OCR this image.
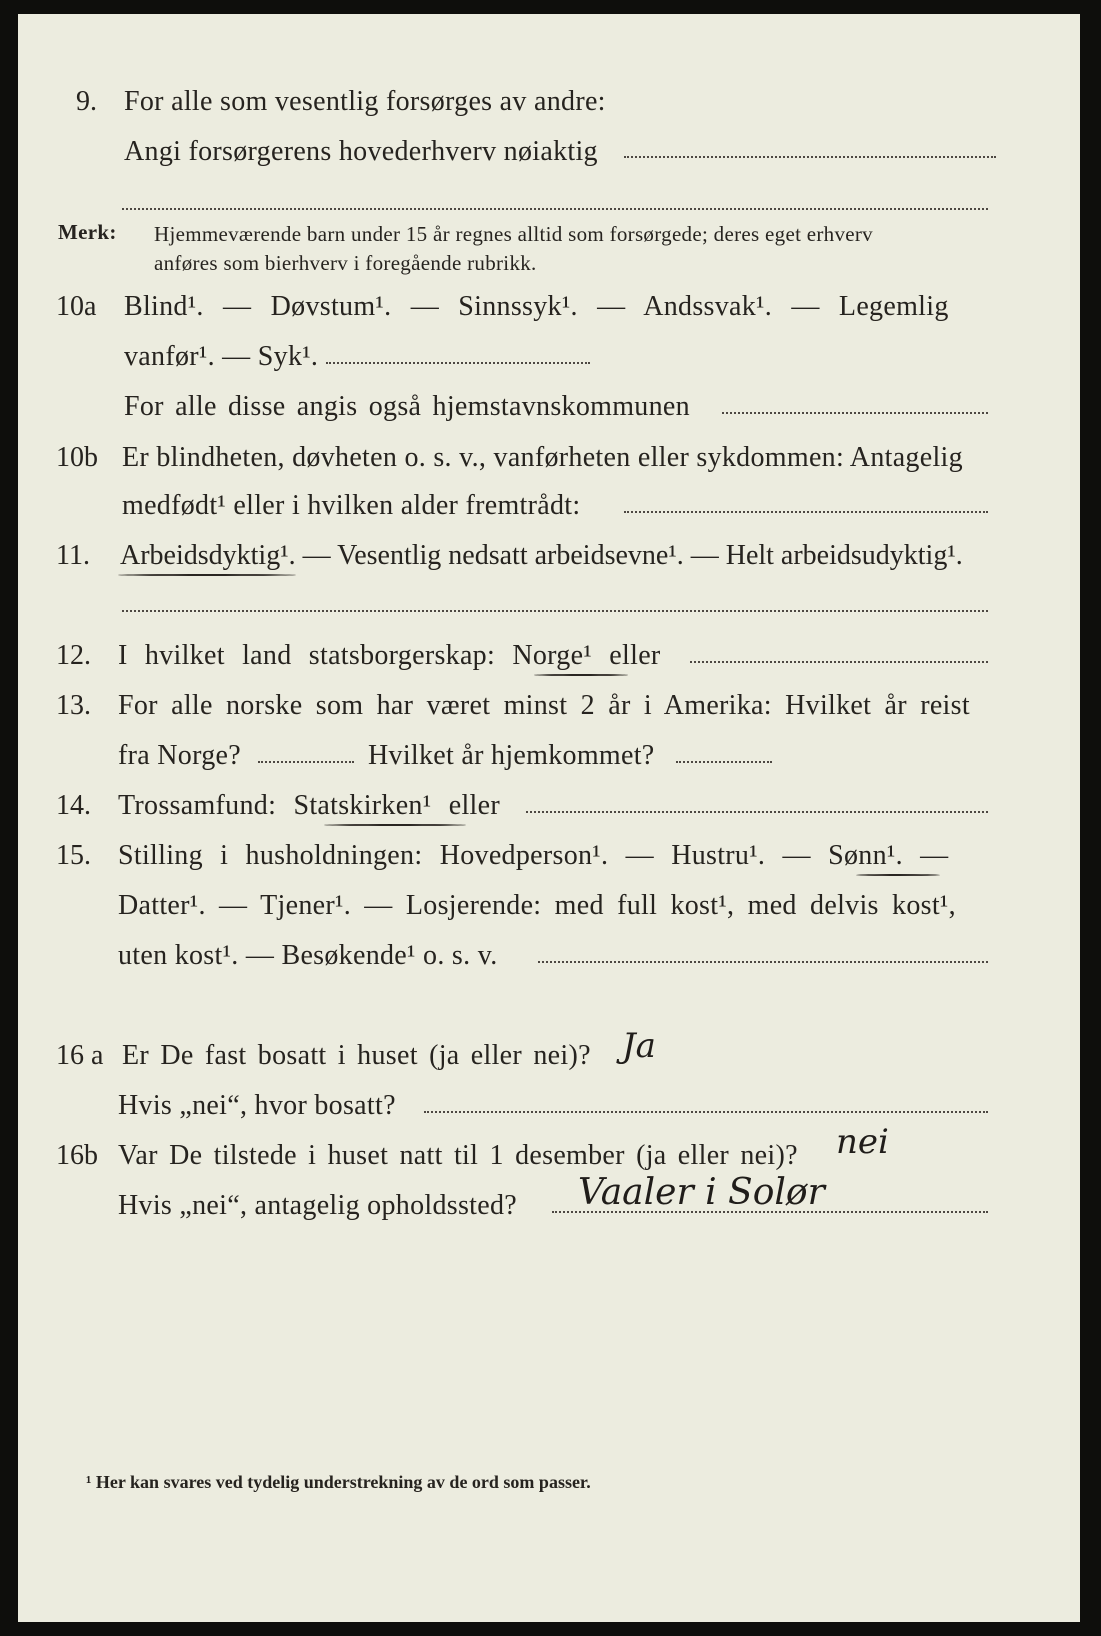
9. For alle som vesentlig forsørges av andre:
Angi forsørgerens hovederhverv nøiaktig
Merk: Hjemmeværende barn under 15 år regnes alltid som forsørgede; deres eget erhverv
anføres som bierhverv i foregående rubrikk.
10a Blind¹. — Døvstum¹. — Sinnssyk¹. — Andssvak¹. — Legemlig
vanfør¹. — Syk¹.
For alle disse angis også hjemstavnskommunen
10b Er blindheten, døvheten o. s. v., vanførheten eller sykdommen: Antagelig
medfødt¹ eller i hvilken alder fremtrådt:
11. Arbeidsdyktig¹. — Vesentlig nedsatt arbeidsevne¹. — Helt arbeidsudyktig¹.
12. I hvilket land statsborgerskap: Norge¹ eller
13. For alle norske som har været minst 2 år i Amerika: Hvilket år reist
fra Norge?	Hvilket år hjemkommet?
14. Trossamfund: Statskirken¹ eller
15. Stilling i husholdningen: Hovedperson¹. — Hustru¹. — Sønn¹. —
Datter¹. — Tjener¹. — Losjerende: med full kost¹, med delvis kost¹,
uten kost¹. — Besøkende¹ o. s. v.
16 a Er De fast bosatt i huset (ja eller nei)? Ja
Hvis „nei“, hvor bosatt?
16b Var De tilstede i huset natt til 1 desember (ja eller nei)? nei
Hvis „nei“, antagelig opholdssted? Vaaler i Solør
¹ Her kan svares ved tydelig understrekning av de ord som passer.
